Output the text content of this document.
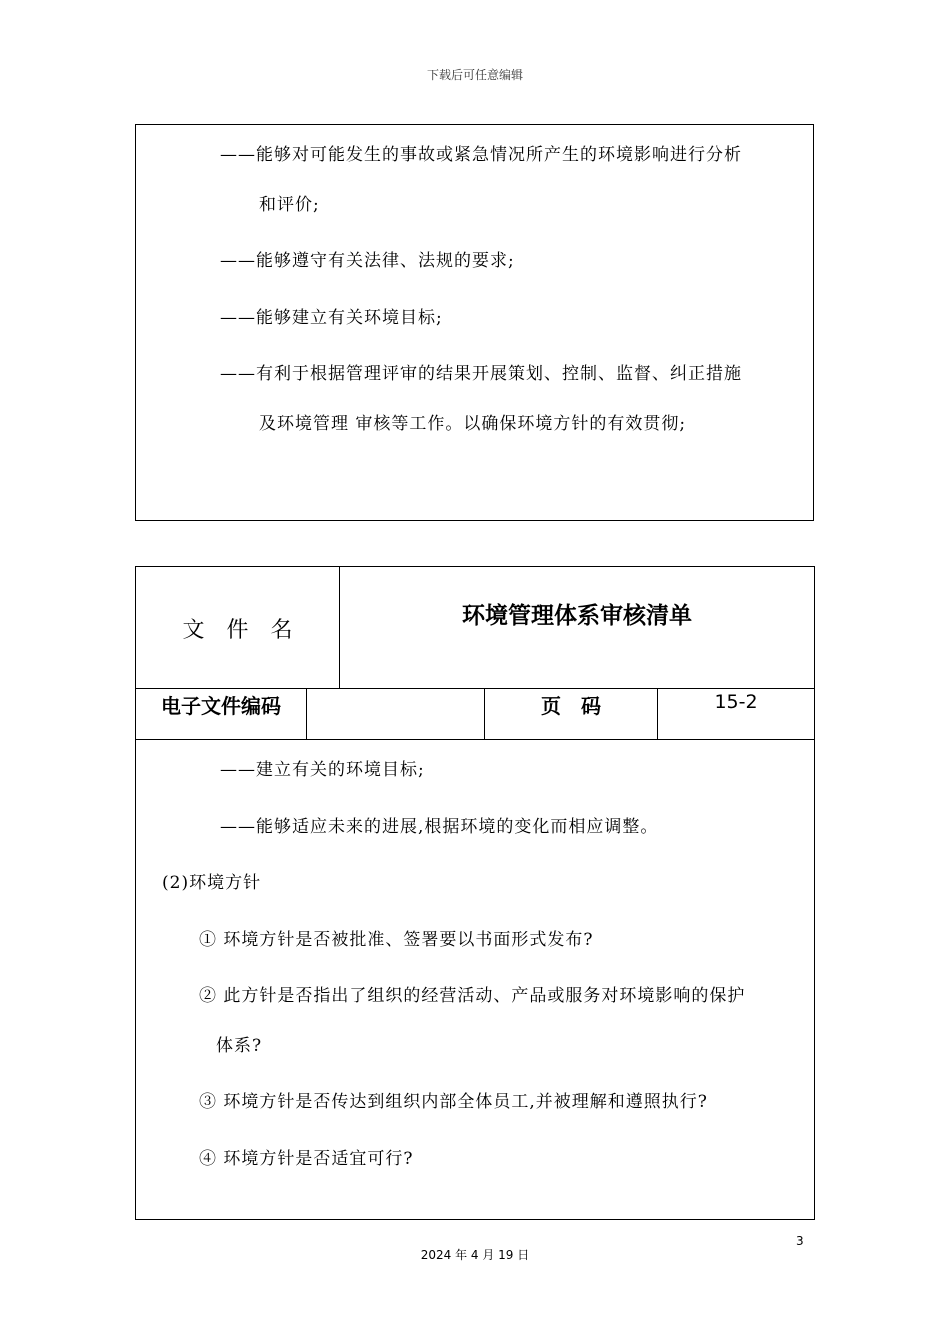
下载后可任意编辑
——能够对可能发生的事故或紧急情况所产生的环境影响进行分析
和评价;
——能够遵守有关法律、法规的要求;
——能够建立有关环境目标;
——有利于根据管理评审的结果开展策划、控制、监督、纠正措施
及环境管理 审核等工作。以确保环境方针的有效贯彻;
文　件　名
环境管理体系审核清单
电子文件编码	页　码	15-2
——建立有关的环境目标;
——能够适应未来的进展,根据环境的变化而相应调整。
(2)环境方针
① 环境方针是否被批准、签署要以书面形式发布?
② 此方针是否指出了组织的经营活动、产品或服务对环境影响的保护
体系?
③ 环境方针是否传达到组织内部全体员工,并被理解和遵照执行?
④ 环境方针是否适宜可行?
3
2024 年 4 月 19 日
